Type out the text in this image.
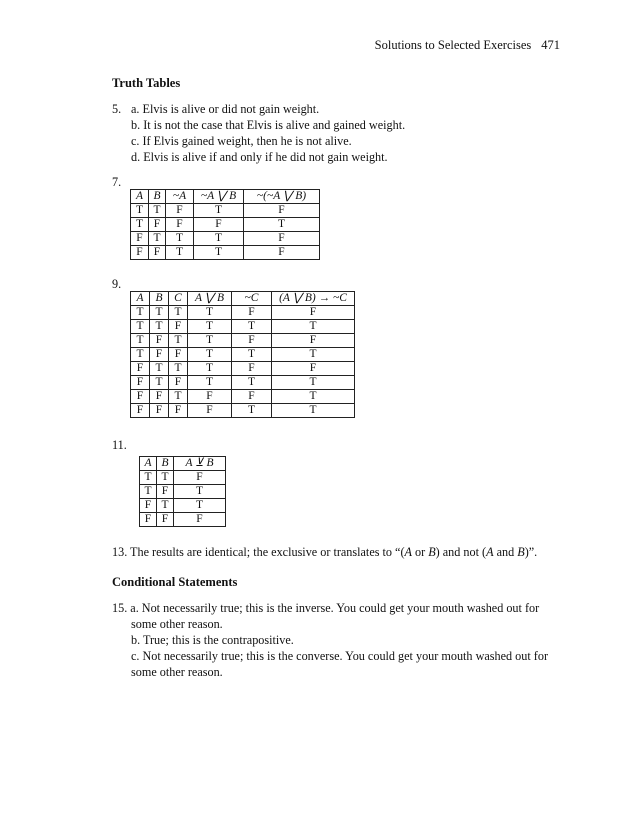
Solutions to Selected Exercises 471
Truth Tables
5. a. Elvis is alive or did not gain weight.
b. It is not the case that Elvis is alive and gained weight.
c. If Elvis gained weight, then he is not alive.
d. Elvis is alive if and only if he did not gain weight.
7.
A	B	~A	~A ⋁ B	~(~A ⋁ B)
T	T	F	T	F
T	F	F	F	T
F	T	T	T	F
F	F	T	T	F
9.
A	B	C	A ⋁ B	~C	(A ⋁ B) → ~C
T	T	T	T	F	F
T	T	F	T	T	T
T	F	T	T	F	F
T	F	F	T	T	T
F	T	T	T	F	F
F	T	F	T	T	T
F	F	T	F	F	T
F	F	F	F	T	T
11.
A	B	A ⊻ B
T	T	F
T	F	T
F	T	T
F	F	F
13. The results are identical; the exclusive or translates to “(A or B) and not (A and B)”.
Conditional Statements
15. a. Not necessarily true; this is the inverse. You could get your mouth washed out for
some other reason.
b. True; this is the contrapositive.
c. Not necessarily true; this is the converse. You could get your mouth washed out for
some other reason.
